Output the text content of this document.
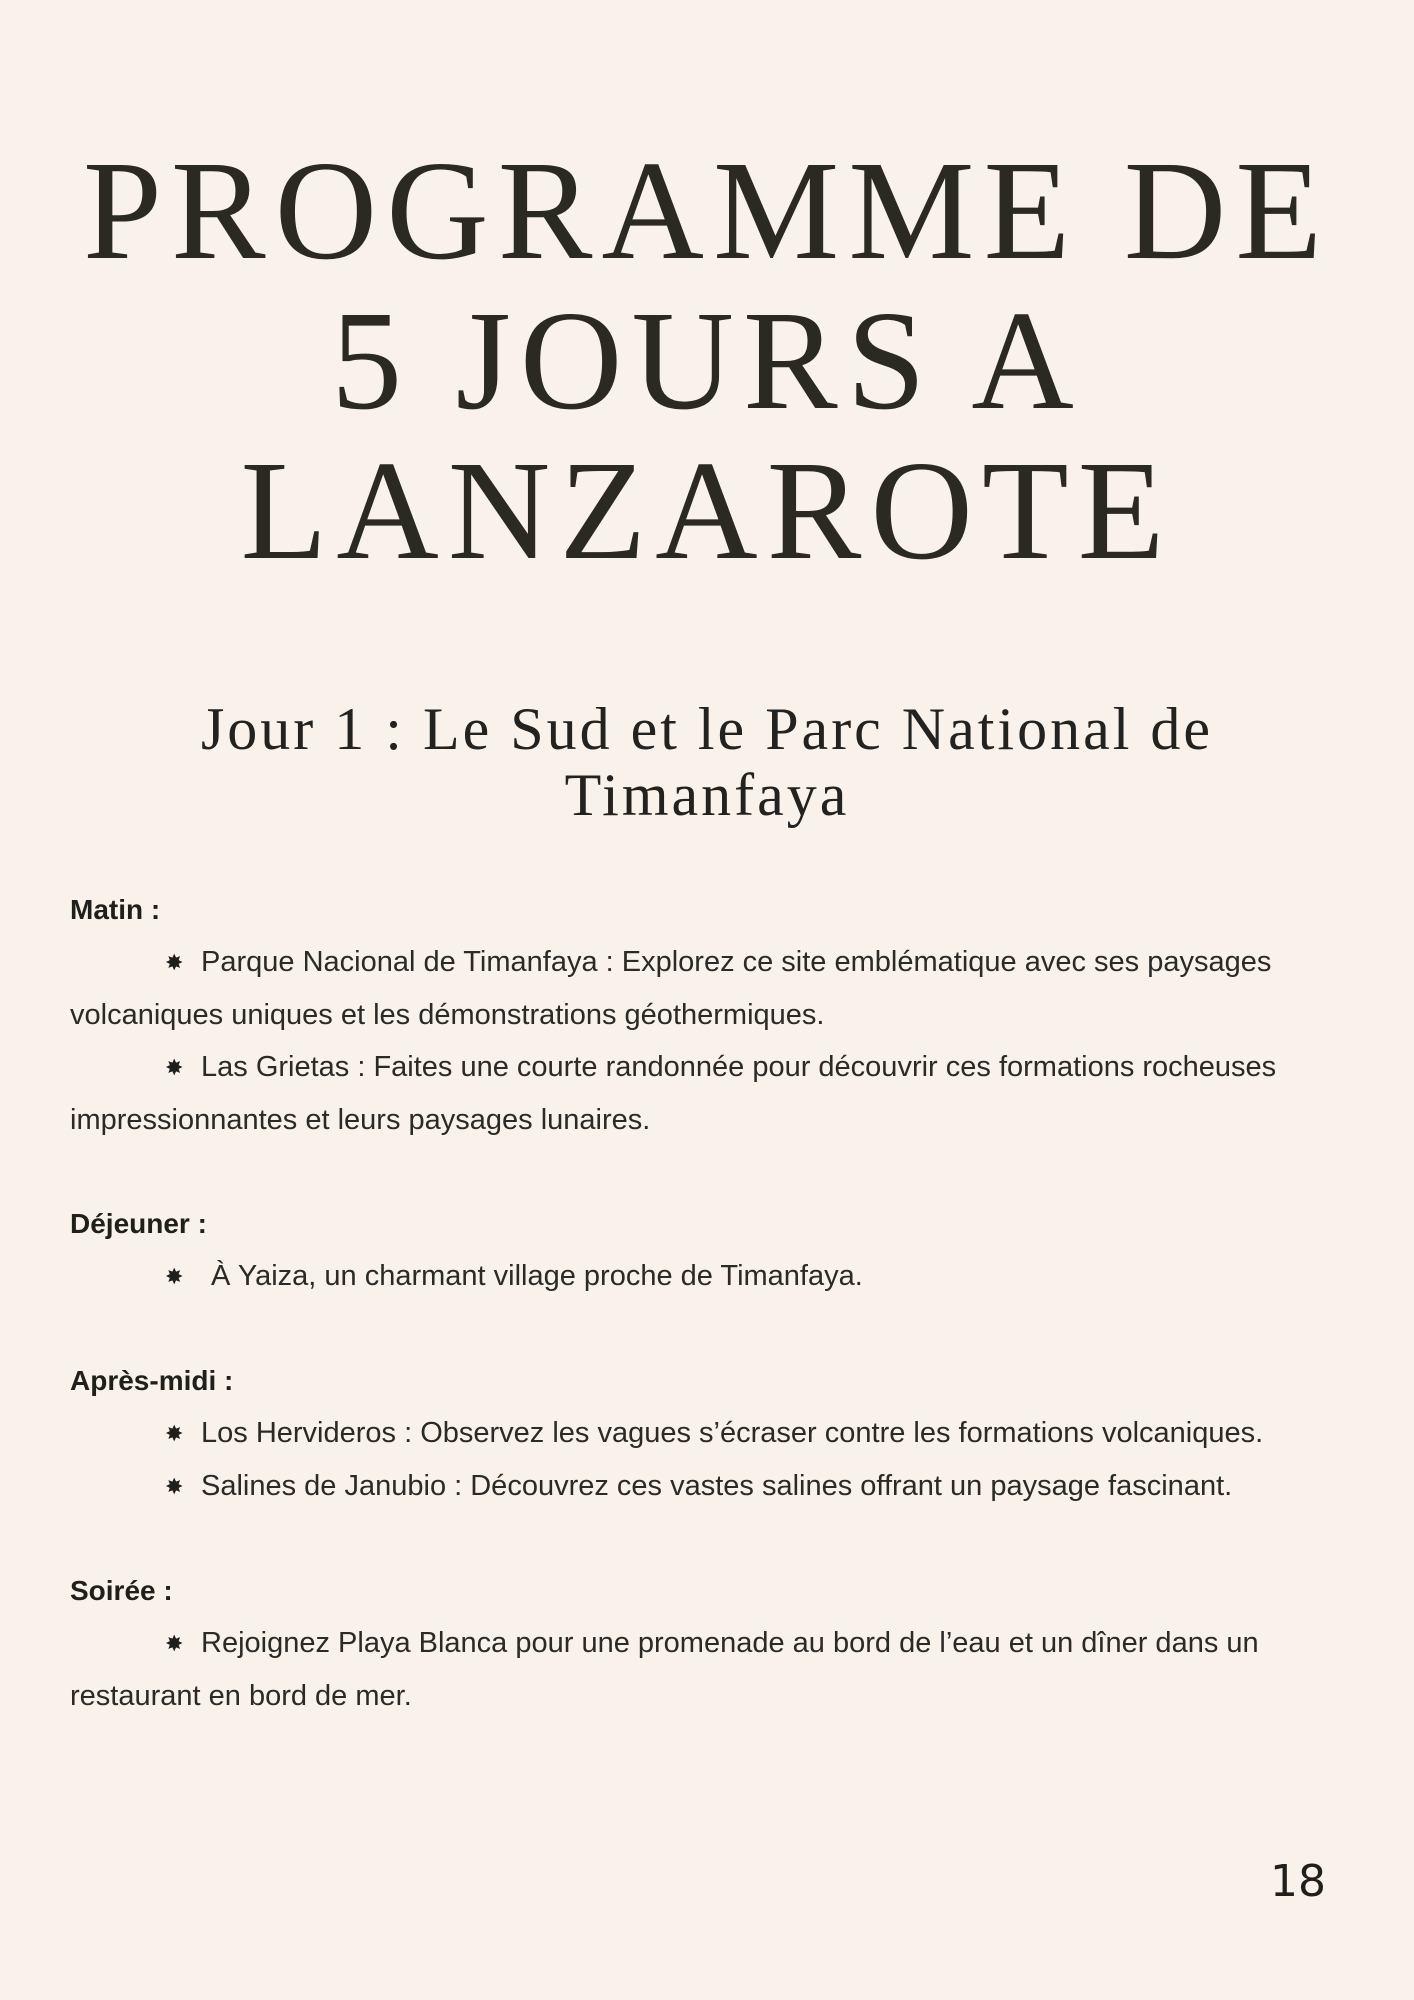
PROGRAMME DE
5 JOURS A
LANZAROTE
Jour 1 : Le Sud et le Parc National de
Timanfaya

Matin :

✸ Parque Nacional de Timanfaya : Explorez ce site emblématique avec ses paysages volcaniques uniques et les démonstrations géothermiques.

✸ Las Grietas : Faites une courte randonnée pour découvrir ces formations rocheuses impressionnantes et leurs paysages lunaires.

Déjeuner :

✸ À Yaiza, un charmant village proche de Timanfaya.

Après-midi :

✸ Los Hervideros : Observez les vagues s’écraser contre les formations volcaniques.

✸ Salines de Janubio : Découvrez ces vastes salines offrant un paysage fascinant.

Soirée :

✸ Rejoignez Playa Blanca pour une promenade au bord de l’eau et un dîner dans un restaurant en bord de mer.

18
